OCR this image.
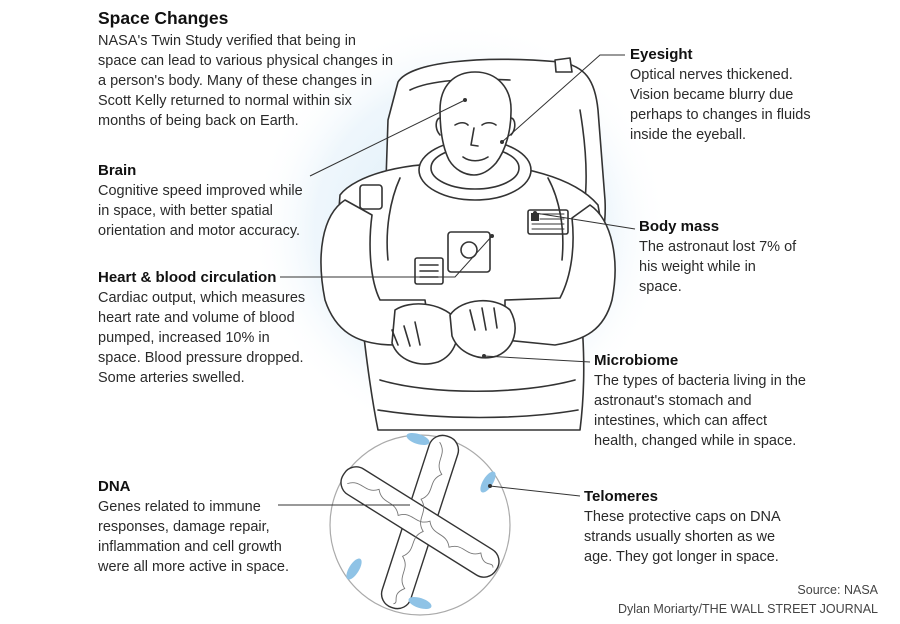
Space Changes
NASA's Twin Study verified that being in space can lead to various physical changes in a person's body. Many of these changes in Scott Kelly returned to normal within six months of being back on Earth.
Brain
Cognitive speed improved while in space, with better spatial orientation and motor accuracy.
Heart & blood circulation
Cardiac output, which measures heart rate and volume of blood pumped, increased 10% in space. Blood pressure dropped. Some arteries swelled.
DNA
Genes related to immune responses, damage repair, inflammation and cell growth were all more active in space.
Eyesight
Optical nerves thickened. Vision became blurry due perhaps to changes in fluids inside the eyeball.
Body mass
The astronaut lost 7% of his weight while in space.
Microbiome
The types of bacteria living in the astronaut's stomach and intestines, which can affect health, changed while in space.
Telomeres
These protective caps on DNA strands usually shorten as we age. They got longer in space.
Source: NASA
Dylan Moriarty/THE WALL STREET JOURNAL
